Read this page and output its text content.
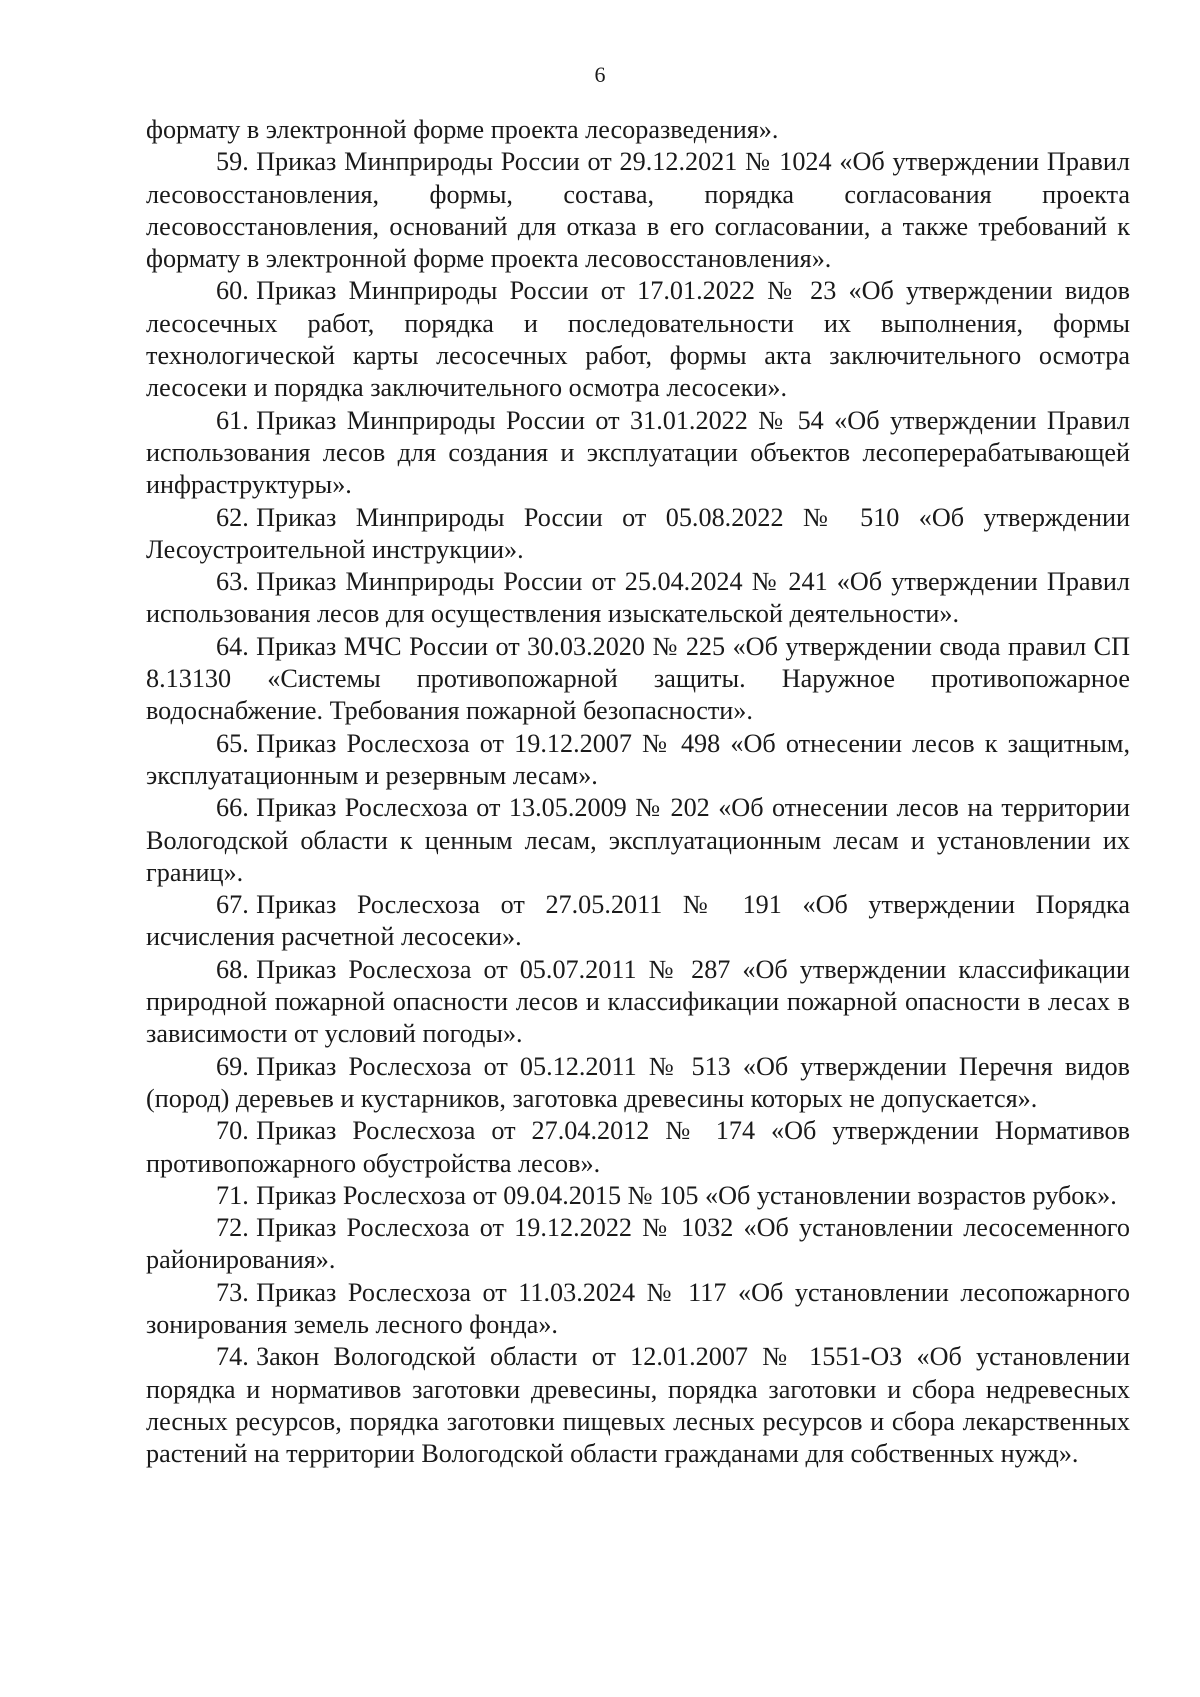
6

формату в электронной форме проекта лесоразведения».

59. Приказ Минприроды России от 29.12.2021 № 1024 «Об утверждении Правил лесовосстановления, формы, состава, порядка согласования проекта лесовосстановления, оснований для отказа в его согласовании, а также требований к формату в электронной форме проекта лесовосстановления».

60. Приказ Минприроды России от 17.01.2022 № 23 «Об утверждении видов лесосечных работ, порядка и последовательности их выполнения, формы технологической карты лесосечных работ, формы акта заключительного осмотра лесосеки и порядка заключительного осмотра лесосеки».

61. Приказ Минприроды России от 31.01.2022 № 54 «Об утверждении Правил использования лесов для создания и эксплуатации объектов лесоперерабатывающей инфраструктуры».

62. Приказ Минприроды России от 05.08.2022 № 510 «Об утверждении Лесоустроительной инструкции».

63. Приказ Минприроды России от 25.04.2024 № 241 «Об утверждении Правил использования лесов для осуществления изыскательской деятельности».

64. Приказ МЧС России от 30.03.2020 № 225 «Об утверждении свода правил СП 8.13130 «Системы противопожарной защиты. Наружное противопожарное водоснабжение. Требования пожарной безопасности».

65. Приказ Рослесхоза от 19.12.2007 № 498 «Об отнесении лесов к защитным, эксплуатационным и резервным лесам».

66. Приказ Рослесхоза от 13.05.2009 № 202 «Об отнесении лесов на территории Вологодской области к ценным лесам, эксплуатационным лесам и установлении их границ».

67. Приказ Рослесхоза от 27.05.2011 № 191 «Об утверждении Порядка исчисления расчетной лесосеки».

68. Приказ Рослесхоза от 05.07.2011 № 287 «Об утверждении классификации природной пожарной опасности лесов и классификации пожарной опасности в лесах в зависимости от условий погоды».

69. Приказ Рослесхоза от 05.12.2011 № 513 «Об утверждении Перечня видов (пород) деревьев и кустарников, заготовка древесины которых не допускается».

70. Приказ Рослесхоза от 27.04.2012 № 174 «Об утверждении Нормативов противопожарного обустройства лесов».

71. Приказ Рослесхоза от 09.04.2015 № 105 «Об установлении возрастов рубок».

72. Приказ Рослесхоза от 19.12.2022 № 1032 «Об установлении лесосеменного районирования».

73. Приказ Рослесхоза от 11.03.2024 № 117 «Об установлении лесопожарного зонирования земель лесного фонда».

74. Закон Вологодской области от 12.01.2007 № 1551-ОЗ «Об установлении порядка и нормативов заготовки древесины, порядка заготовки и сбора недревесных лесных ресурсов, порядка заготовки пищевых лесных ресурсов и сбора лекарственных растений на территории Вологодской области гражданами для собственных нужд».
